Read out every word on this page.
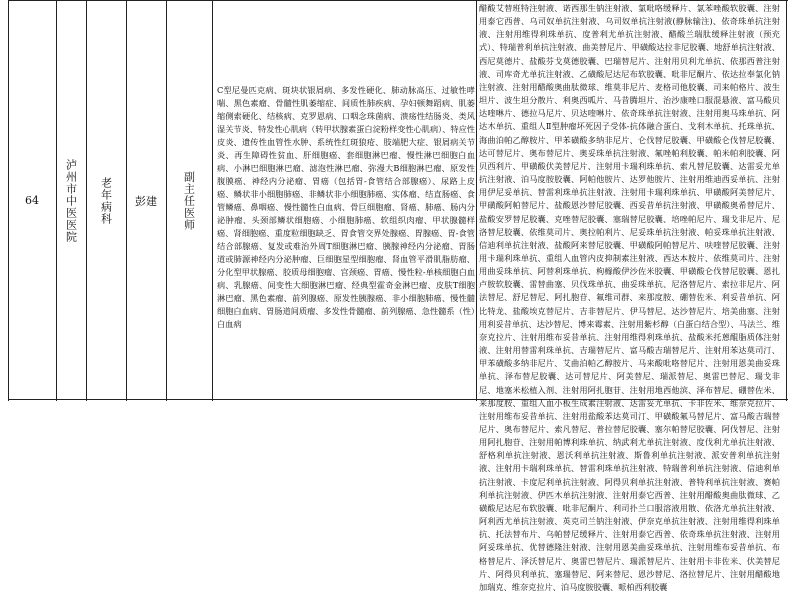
64	泸州市中医医院 老年病科 彭建 副主任医师
C型尼曼匹克病、斑块状银屑病、多发性硬化、肺动脉高压、过敏性哮喘、黑色素瘤、骨髓性肌萎缩症、间质性肺疾病、孕妇顿舞蹈病、肌萎缩侧索硬化、结核病、克罗恩病、口咽念珠菌病、溃疡性结肠炎、类风湿关节炎、特发性心肌病（转甲状腺素蛋白淀粉样变性心肌病）、特应性皮炎、遗传性血管性水肿、系统性红斑狼疮、肢端肥大症、银屑病关节炎、再生障碍性贫血、肝细胞癌、套细胞淋巴瘤、慢性淋巴细胞白血病、小淋巴细胞淋巴瘤、滤泡性淋巴瘤、弥漫大B细胞淋巴瘤、原发性腹膜癌、神经内分泌瘤、胃癌（包括胃-食管结合部腺癌）、尿路上皮癌、鳞状非小细胞肺癌、非鳞状非小细胞肺癌、实体瘤、结直肠癌、食管鳞癌、鼻咽癌、慢性髓性白血病、骨巨细胞瘤、肾癌、肺癌、肠内分泌肿瘤、头颈部鳞状细胞癌、小细胞肺癌、软组织肉瘤、甲状腺髓样癌、肾细胞癌、重度粒细胞缺乏、胃食管交界处腺癌、胃腺癌、胃-食管结合部腺癌、复发或难治外周T细胞淋巴瘤、胰腺神经内分泌瘤、胃肠道或肺源神经内分泌肿瘤、巨细胞星型细胞瘤、肾血管平滑肌脂肪瘤、分化型甲状腺癌、胶质母细胞瘤、宫颈癌、胃癌、慢性粒-单核细胞白血病、乳腺癌、间变性大细胞淋巴瘤、经典型霍奇金淋巴瘤、皮肤T细胞淋巴瘤、黑色素瘤、前列腺癌、原发性胰腺癌、非小细胞肺癌、慢性髓细胞白血病、胃肠道间质瘤、多发性骨髓瘤、前列腺癌、急性髓系（性）白血病
醋酸艾替班特注射液、诺西那生钠注射液、氯吡咯缓释片、氯苯唑酸软胶囊、注射用泰它西普、乌司奴单抗注射液、乌司奴单抗注射液(静脉输注)、依奇珠单抗注射液、注射用维得利珠单抗、度普利尤单抗注射液、醋酸兰瑞肽缓释注射液（预充式）、特瑞普利单抗注射液、曲美替尼片、甲磺酸达拉非尼胶囊、地舒单抗注射液、西尼莫德片、盐酸芬戈莫德胶囊、巴瑞替尼片、注射用贝利尤单抗、依那西普注射液、司库奇尤单抗注射液、乙磺酸尼达尼布软胶囊、吡非尼酮片、依达拉奉氯化钠注射液、注射用醋酸奥曲肽微球、维莫非尼片、麦格司他胶囊、司来帕格片、波生坦片、波生坦分散片、利奥西呱片、马昔腾坦片、治沙康唑口服混悬液、富马酸贝达喹啉片、德拉马尼片、贝达喹啉片、依奇珠单抗注射液、注射用奥马珠单抗、阿达木单抗、重组人Ⅱ型肿瘤坏死因子受体-抗体融合蛋白、戈利木单抗、托珠单抗、海曲泊帕乙醇胺片、甲苯磺酸多纳非尼片、仑伐替尼胶囊、甲磺酸仑伐替尼胶囊、达可替尼片、奥布替尼片、奥妥珠单抗注射液、氟唑帕利胶囊、帕米帕利胶囊、阿贝西利片、甲磺酸伏美替尼片、注射用卡瑞利珠单抗、索凡替尼胶囊、达雷妥尤单抗注射液、泊马度胺胶囊、阿帕他胺片、达罗他胺片、注射用维迪西妥单抗、注射用伊尼妥单抗、替雷利珠单抗注射液、注射用卡瑞利珠单抗、甲磺酸阿美替尼片、甲磺酸阿帕替尼片、盐酸恩沙替尼胶囊、西妥昔单抗注射液、甲磺酸奥希替尼片、盐酸安罗替尼胶囊、克唑替尼胶囊、塞瑞替尼胶囊、培唑帕尼片、瑞戈非尼片、尼洛替尼胶囊、依维莫司片、奥拉帕利片、尼妥珠单抗注射液、帕妥珠单抗注射液、信迪利单抗注射液、盐酸阿来替尼胶囊、甲磺酸阿帕替尼片、呋喹替尼胶囊、注射用卡瑞利珠单抗、重组人血管内皮抑制素注射液、西达本胺片、依维莫司片、注射用曲妥珠单抗、阿替利珠单抗、枸橼酸伊沙佐米胶囊、甲磺酸仑伐替尼胶囊、恩扎卢胺软胶囊、雷替曲塞、贝伐珠单抗、曲妥珠单抗、尼洛替尼片、索拉非尼片、阿法替尼、舒尼替尼、阿扎胞苷、氟维司群、来那度胺、硼替佐米、利妥昔单抗、阿比特龙、盐酸埃克替尼片、吉非替尼片、伊马替尼、达沙替尼片、培美曲塞、注射用利妥昔单抗、达沙替尼、博来霉素、注射用紫杉醇（白蛋白结合型）、马法兰、维奈克拉片、注射用维布妥昔单抗、注射用维得利珠单抗、盐酸米托蒽醌脂质体注射液、注射用替雷利珠单抗、吉瑞替尼片、富马酸吉瑞替尼片、注射用苯达莫司汀、甲苯磺酸多纳非尼片、艾曲泊帕乙醇胺片、马来酸吡咯替尼片、注射用恩美曲妥珠单抗、泽布替尼胶囊、达可替尼片、阿美替尼、瑞派替尼、奥雷巴替尼、瑞戈非尼、地塞米松植入剂、注射用阿扎胞苷、注射用地西他滨、泽布替尼、硼替佐米、来那度胺、重组人血小板生成素注射液、达雷妥尤单抗、卡非佐米、维奈克拉片、注射用维布妥昔单抗、注射用盐酸苯达莫司汀、甲磺酸氟马替尼片、富马酸吉瑞替尼片、奥布替尼片、索凡替尼、普拉替尼胶囊、塞尔帕替尼胶囊、阿伐替尼、注射用阿扎胞苷、注射用帕博利珠单抗、纳武利尤单抗注射液、度伐利尤单抗注射液、舒格利单抗注射液、恩沃利单抗注射液、斯鲁利单抗注射液、派安普利单抗注射液、注射用卡瑞利珠单抗、替雷利珠单抗注射液、特瑞普利单抗注射液、信迪利单抗注射液、卡度尼利单抗注射液、阿得贝利单抗注射液、普特利单抗注射液、赛帕利单抗注射液、伊匹木单抗注射液、注射用泰它西普、注射用醋酸奥曲肽微球、乙磺酸尼达尼布软胶囊、吡非尼酮片、利司扑兰口服溶液用散、依洛尤单抗注射液、阿利西尤单抗注射液、英克司兰钠注射液、伊奈克单抗注射液、注射用维得利珠单抗、托法替布片、乌帕替尼缓释片、注射用泰它西普、依奇珠单抗注射液、注射用阿妥珠单抗、优替德隆注射液、注射用恩美曲妥珠单抗、注射用维布妥昔单抗、布格替尼片、泽沃替尼片、奥雷巴替尼片、瑞派替尼片、注射用卡非佐米、伏美替尼片、阿得贝利单抗、塞瑞替尼、阿来替尼、恩沙替尼、洛拉替尼片、注射用醋酸地加瑞克、维奈克拉片、泊马度胺胶囊、哌柏西利胶囊
